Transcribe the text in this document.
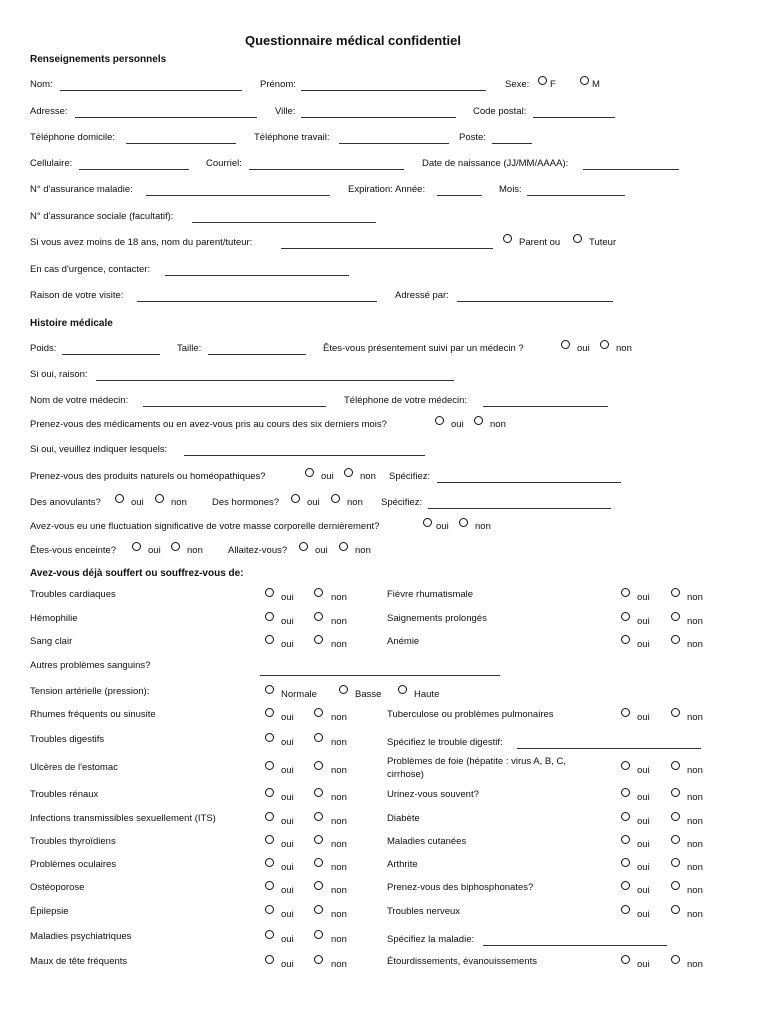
Questionnaire médical confidentiel
Renseignements personnels
Nom:	Prénom:	Sexe: F	M
Adresse:	Ville:	Code postal:
Téléphone domicile:	Téléphone travail:	Poste:
Cellulaire:	Courriel:	Date de naissance (JJ/MM/AAAA):
N° d'assurance maladie:	Expiration: Année:	Mois:
N° d'assurance sociale (facultatif):
Si vous avez moins de 18 ans, nom du parent/tuteur:	Parent ou	Tuteur
En cas d'urgence, contacter:
Raison de votre visite:	Adressé par:
Histoire médicale
Poids:	Taille:	Êtes-vous présentement suivi par un médecin ?	oui	non
Si oui, raison:
Nom de votre médecin:	Téléphone de votre médecin:
Prenez-vous des médicaments ou en avez-vous pris au cours des six derniers mois?	oui	non
Si oui, veuillez indiquer lesquels:
Prenez-vous des produits naturels ou homéopathiques?	oui	non Spécifiez:
Des anovulants?	oui	non	Des hormones?	oui	non Spécifiez:
Avez-vous eu une fluctuation significative de votre masse corporelle dernièrement?	oui	non
Êtes-vous enceinte?	oui	non	Allaitez-vous?	oui	non
Avez-vous déjà souffert ou souffrez-vous de:
Troubles cardiaques	oui	non
Hémophilie	oui	non
Sang clair	oui	non
Autres problèmes sanguins?
Tension artérielle (pression):	Normale	Basse	Haute
Rhumes fréquents ou sinusite	oui	non
Troubles digestifs	oui	non
Ulcères de l'estomac	oui	non
Troubles rénaux	oui	non
Infections transmissibles sexuellement (ITS)	oui	non
Troubles thyroïdiens	oui	non
Problèmes oculaires	oui	non
Ostéoporose	oui	non
Épilepsie	oui	non
Maladies psychiatriques	oui	non
Maux de tête fréquents	oui	non
Fièvre rhumatismale	oui	non
Saignements prolongés	oui	non
Anémie	oui	non
Tuberculose ou problèmes pulmonaires	oui	non
Spécifiez le trouble digestif:
Problèmes de foie (hépatite : virus A, B, C,
cirrhose)	oui	non
Urinez-vous souvent?	oui	non
Diabète	oui	non
Maladies cutanées	oui	non
Arthrite	oui	non
Prenez-vous des biphosphonates?	oui	non
Troubles nerveux	oui	non
Spécifiez la maladie:
Étourdissements, évanouissements	oui	non
